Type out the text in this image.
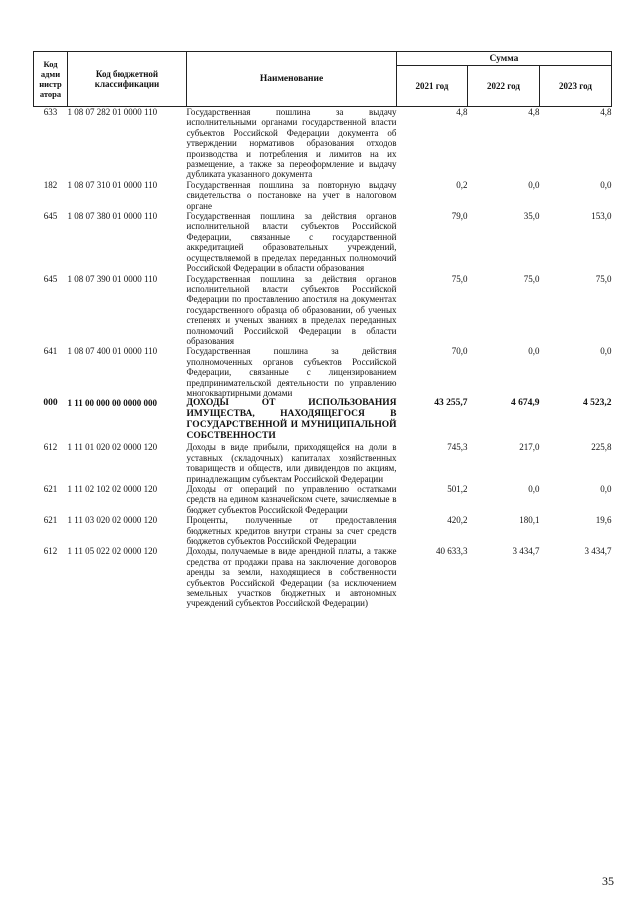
Код адми нистр атора	Код бюджетной классификации	Наименование	Сумма		
			2021 год	2022 год	2023 год
633	1 08 07 282 01 0000 110	Государственная пошлина за выдачу исполнительными органами государственной власти субъектов Российской Федерации документа об утверждении нормативов образования отходов производства и потребления и лимитов на их размещение, а также за переоформление и выдачу дубликата указанного документа	4,8	4,8	4,8
182	1 08 07 310 01 0000 110	Государственная пошлина за повторную выдачу свидетельства о постановке на учет в налоговом органе	0,2	0,0	0,0
645	1 08 07 380 01 0000 110	Государственная пошлина за действия органов исполнительной власти субъектов Российской Федерации, связанные с государственной аккредитацией образовательных учреждений, осуществляемой в пределах переданных полномочий Российской Федерации в области образования	79,0	35,0	153,0
645	1 08 07 390 01 0000 110	Государственная пошлина за действия органов исполнительной власти субъектов Российской Федерации по проставлению апостиля на документах государственного образца об образовании, об ученых степенях и ученых званиях в пределах переданных полномочий Российской Федерации в области образования	75,0	75,0	75,0
641	1 08 07 400 01 0000 110	Государственная пошлина за действия уполномоченных органов субъектов Российской Федерации, связанные с лицензированием предпринимательской деятельности по управлению многоквартирными домами	70,0	0,0	0,0
000	1 11 00 000 00 0000 000	ДОХОДЫ ОТ ИСПОЛЬЗОВАНИЯ ИМУЩЕСТВА, НАХОДЯЩЕГОСЯ В ГОСУДАРСТВЕННОЙ И МУНИЦИПАЛЬНОЙ СОБСТВЕННОСТИ	43 255,7	4 674,9	4 523,2
612	1 11 01 020 02 0000 120	Доходы в виде прибыли, приходящейся на доли в уставных (складочных) капиталах хозяйственных товариществ и обществ, или дивидендов по акциям, принадлежащим субъектам Российской Федерации	745,3	217,0	225,8
621	1 11 02 102 02 0000 120	Доходы от операций по управлению остатками средств на едином казначейском счете, зачисляемые в бюджет субъектов Российской Федерации	501,2	0,0	0,0
621	1 11 03 020 02 0000 120	Проценты, полученные от предоставления бюджетных кредитов внутри страны за счет средств бюджетов субъектов Российской Федерации	420,2	180,1	19,6
612	1 11 05 022 02 0000 120	Доходы, получаемые в виде арендной платы, а также средства от продажи права на заключение договоров аренды за земли, находящиеся в собственности субъектов Российской Федерации (за исключением земельных участков бюджетных и автономных учреждений субъектов Российской Федерации)	40 633,3	3 434,7	3 434,7
35
